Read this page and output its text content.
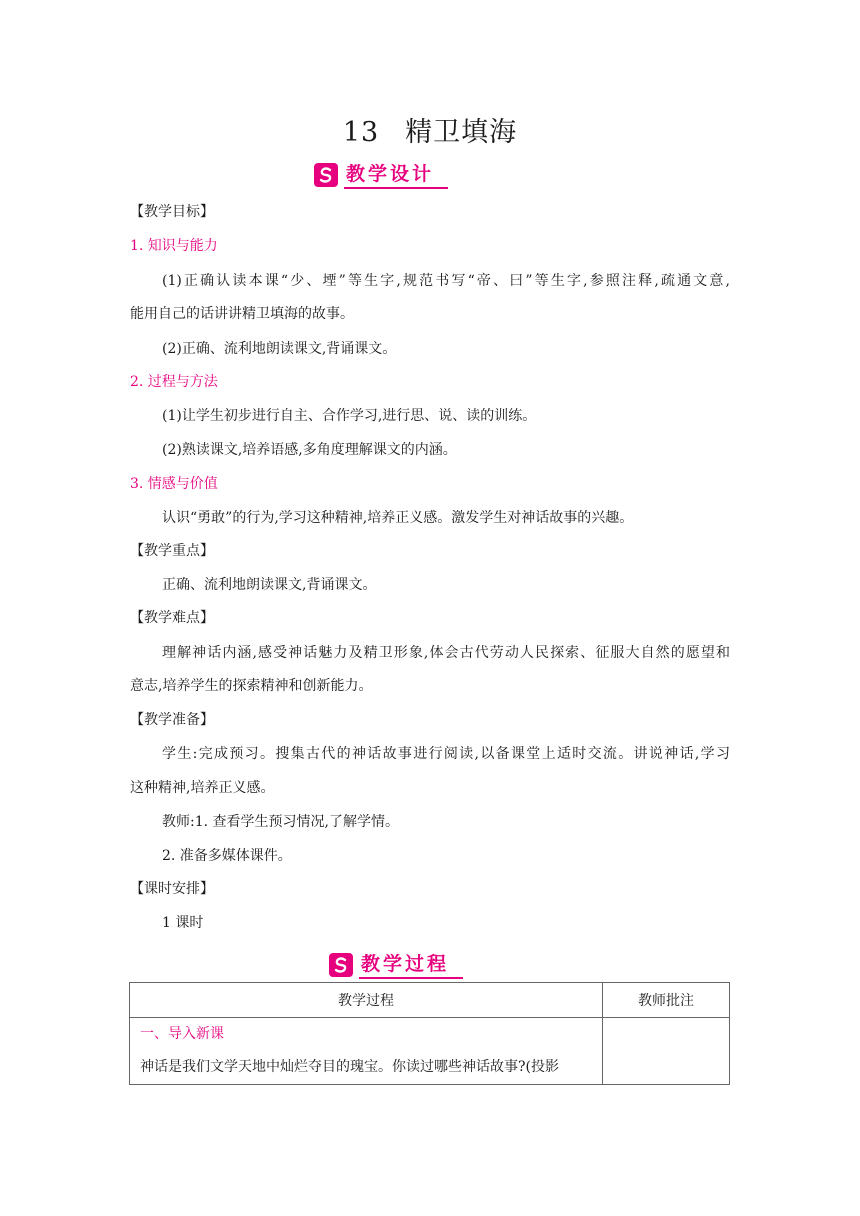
13 精卫填海
教学设计
【教学目标】
1. 知识与能力
(1)正确认读本课“少、堙”等生字,规范书写“帝、曰”等生字,参照注释,疏通文意,
能用自己的话讲讲精卫填海的故事。
(2)正确、流利地朗读课文,背诵课文。
2. 过程与方法
(1)让学生初步进行自主、合作学习,进行思、说、读的训练。
(2)熟读课文,培养语感,多角度理解课文的内涵。
3. 情感与价值
认识“勇敢”的行为,学习这种精神,培养正义感。激发学生对神话故事的兴趣。
【教学重点】
正确、流利地朗读课文,背诵课文。
【教学难点】
理解神话内涵,感受神话魅力及精卫形象,体会古代劳动人民探索、征服大自然的愿望和
意志,培养学生的探索精神和创新能力。
【教学准备】
学生:完成预习。搜集古代的神话故事进行阅读,以备课堂上适时交流。讲说神话,学习
这种精神,培养正义感。
教师:1. 查看学生预习情况,了解学情。
2. 准备多媒体课件。
【课时安排】
1 课时
教学过程
教学过程	教师批注

一、导入新课
神话是我们文学天地中灿烂夺目的瑰宝。你读过哪些神话故事?(投影	
